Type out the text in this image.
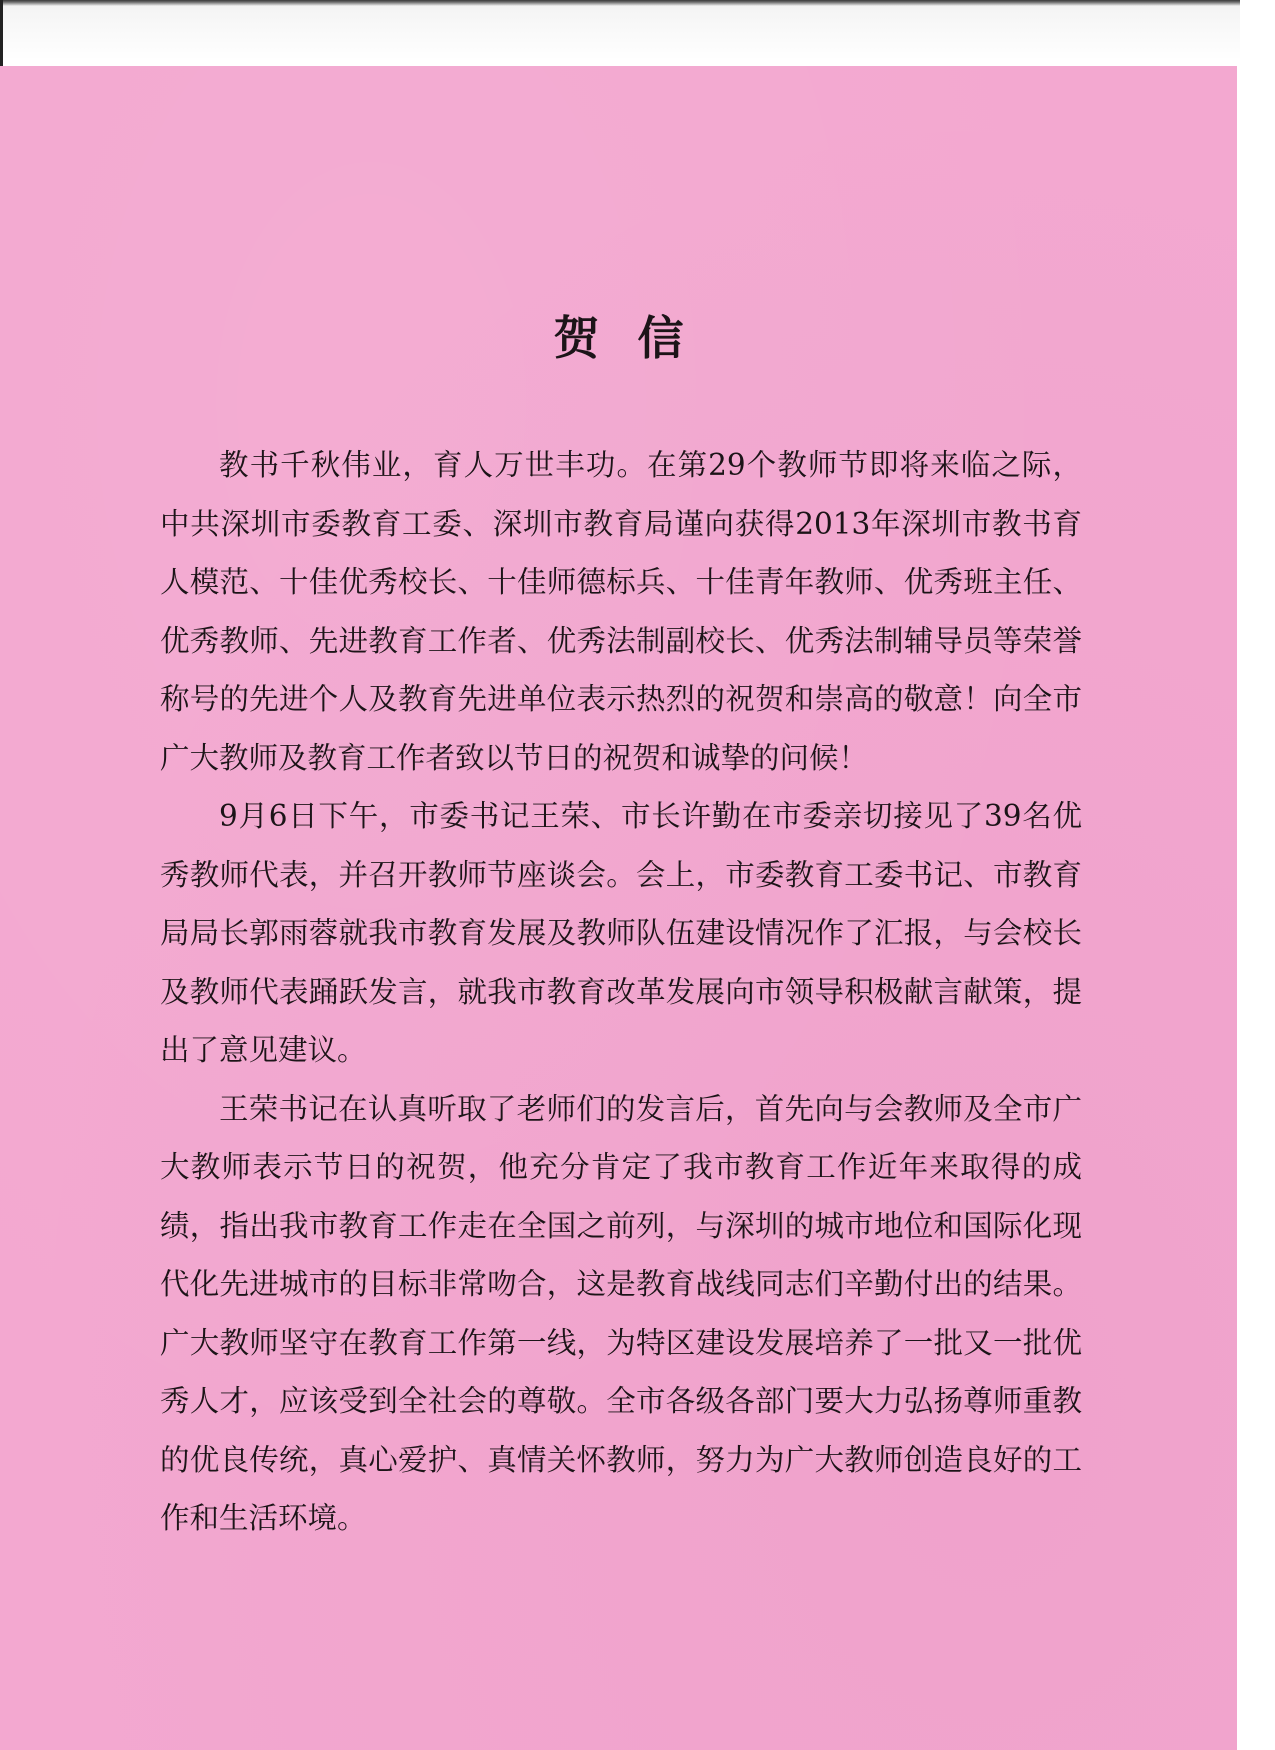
贺信

教书千秋伟业，育人万世丰功。在第29个教师节即将来临之际，中共深圳市委教育工委、深圳市教育局谨向获得2013年深圳市教书育人模范、十佳优秀校长、十佳师德标兵、十佳青年教师、优秀班主任、优秀教师、先进教育工作者、优秀法制副校长、优秀法制辅导员等荣誉称号的先进个人及教育先进单位表示热烈的祝贺和崇高的敬意！向全市广大教师及教育工作者致以节日的祝贺和诚挚的问候！

9月6日下午，市委书记王荣、市长许勤在市委亲切接见了39名优秀教师代表，并召开教师节座谈会。会上，市委教育工委书记、市教育局局长郭雨蓉就我市教育发展及教师队伍建设情况作了汇报，与会校长及教师代表踊跃发言，就我市教育改革发展向市领导积极献言献策，提出了意见建议。

王荣书记在认真听取了老师们的发言后，首先向与会教师及全市广大教师表示节日的祝贺，他充分肯定了我市教育工作近年来取得的成绩，指出我市教育工作走在全国之前列，与深圳的城市地位和国际化现代化先进城市的目标非常吻合，这是教育战线同志们辛勤付出的结果。广大教师坚守在教育工作第一线，为特区建设发展培养了一批又一批优秀人才，应该受到全社会的尊敬。全市各级各部门要大力弘扬尊师重教的优良传统，真心爱护、真情关怀教师，努力为广大教师创造良好的工作和生活环境。
